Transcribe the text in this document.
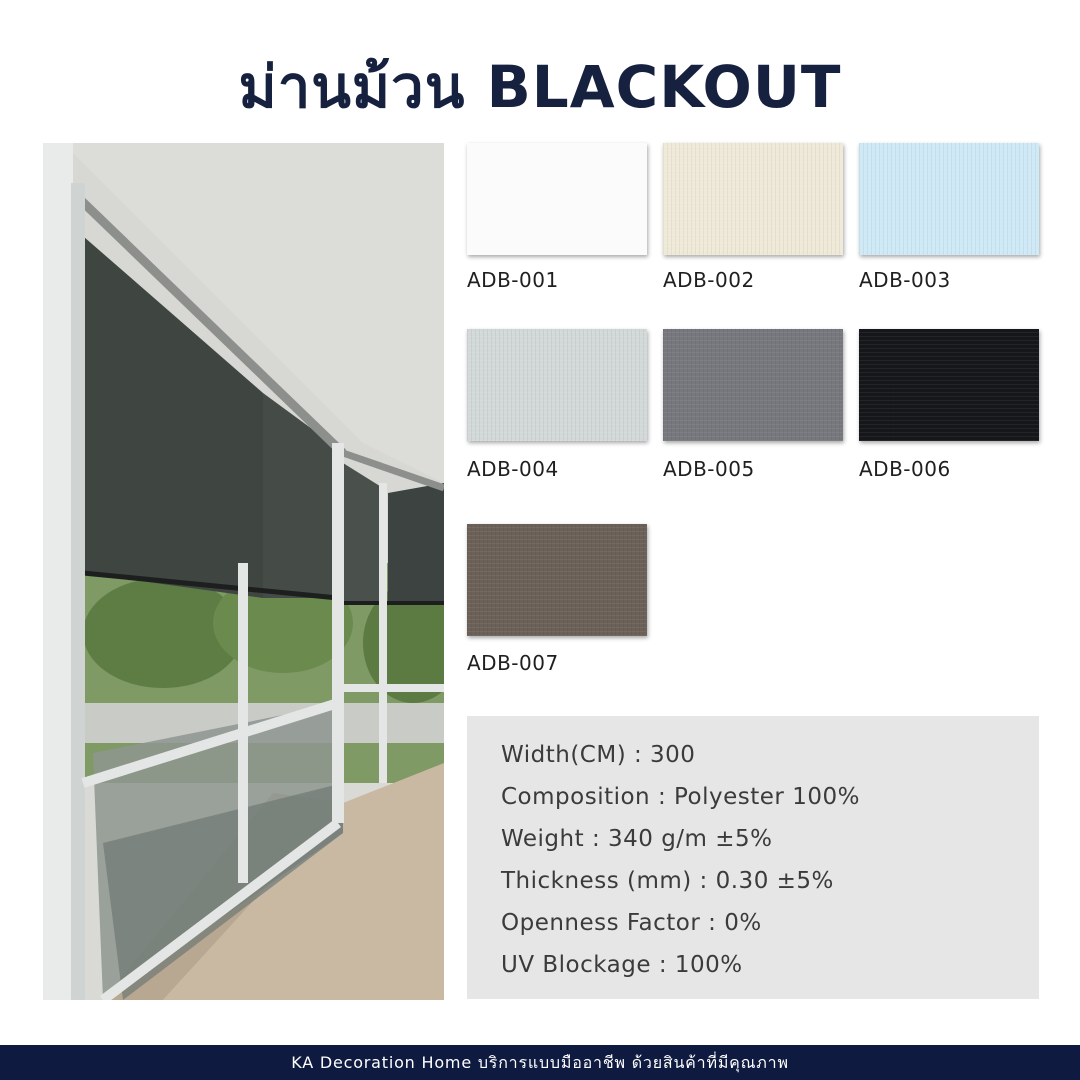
ม่านม้วน BLACKOUT
ADB-001	ADB-002	ADB-003
ADB-004	ADB-005	ADB-006
ADB-007
Width(CM) : 300
Composition : Polyester 100%
Weight : 340 g/m ±5%
Thickness (mm) : 0.30 ±5%
Openness Factor : 0%
UV Blockage : 100%
KA Decoration Home บริการแบบมืออาชีพ ด้วยสินค้าที่มีคุณภาพ
